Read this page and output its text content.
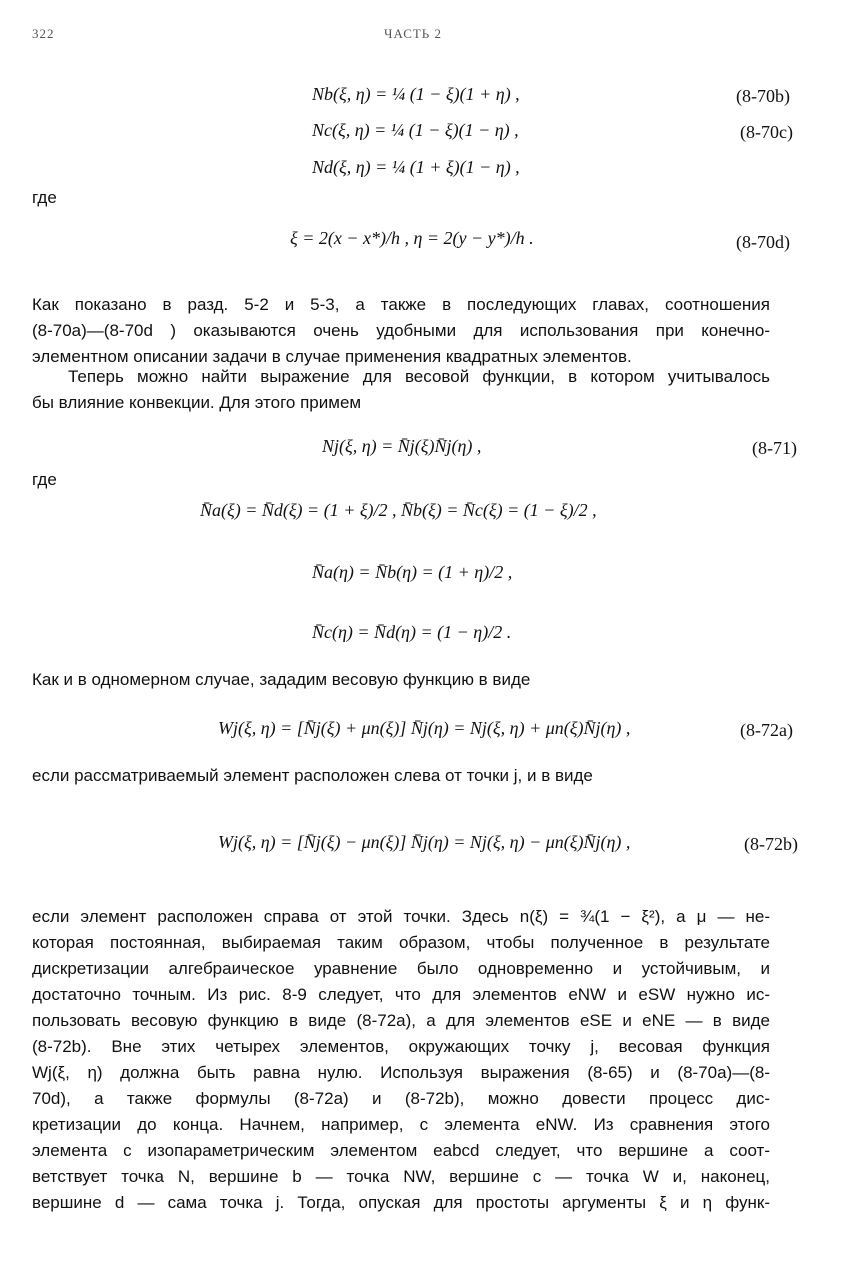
322	ЧАСТЬ 2
Nb(ξ, η) = ¼ (1 − ξ)(1 + η) ,	(8-70b)
Nc(ξ, η) = ¼ (1 − ξ)(1 − η) ,	(8-70c)
Nd(ξ, η) = ¼ (1 + ξ)(1 − η) ,
где
ξ = 2(x − x*)/h , η = 2(y − y*)/h .	(8-70d)
Как показано в разд. 5-2 и 5-3, а также в последующих главах, соотношения
(8-70a)—(8-70d ) оказываются очень удобными для использования при конечно-
элементном описании задачи в случае применения квадратных элементов.
Теперь можно найти выражение для весовой функции, в котором учитывалось
бы влияние конвекции. Для этого примем
Nj(ξ, η) = N̄j(ξ)N̄j(η) ,	(8-71)
где
N̄a(ξ) = N̄d(ξ) = (1 + ξ)/2 , N̄b(ξ) = N̄c(ξ) = (1 − ξ)/2 ,
N̄a(η) = N̄b(η) = (1 + η)/2 ,
N̄c(η) = N̄d(η) = (1 − η)/2 .
Как и в одномерном случае, зададим весовую функцию в виде
Wj(ξ, η) = [N̄j(ξ) + μn(ξ)] N̄j(η) = Nj(ξ, η) + μn(ξ)N̄j(η) ,	(8-72a)
если рассматриваемый элемент расположен слева от точки j, и в виде
Wj(ξ, η) = [N̄j(ξ) − μn(ξ)] N̄j(η) = Nj(ξ, η) − μn(ξ)N̄j(η) ,	(8-72b)
если элемент расположен справа от этой точки. Здесь n(ξ) = ¾(1 − ξ²), а μ — не-
которая постоянная, выбираемая таким образом, чтобы полученное в результате
дискретизации алгебраическое уравнение было одновременно и устойчивым, и
достаточно точным. Из рис. 8-9 следует, что для элементов eNW и eSW нужно ис-
пользовать весовую функцию в виде (8-72a), а для элементов eSE и eNE — в виде
(8-72b). Вне этих четырех элементов, окружающих точку j, весовая функция
Wj(ξ, η) должна быть равна нулю. Используя выражения (8-65) и (8-70a)—(8-
70d), а также формулы (8-72a) и (8-72b), можно довести процесс дис-
кретизации до конца. Начнем, например, с элемента eNW. Из сравнения этого
элемента с изопараметрическим элементом eabcd следует, что вершине a соот-
ветствует точка N, вершине b — точка NW, вершине c — точка W и, наконец,
вершине d — сама точка j. Тогда, опуская для простоты аргументы ξ и η функ-
